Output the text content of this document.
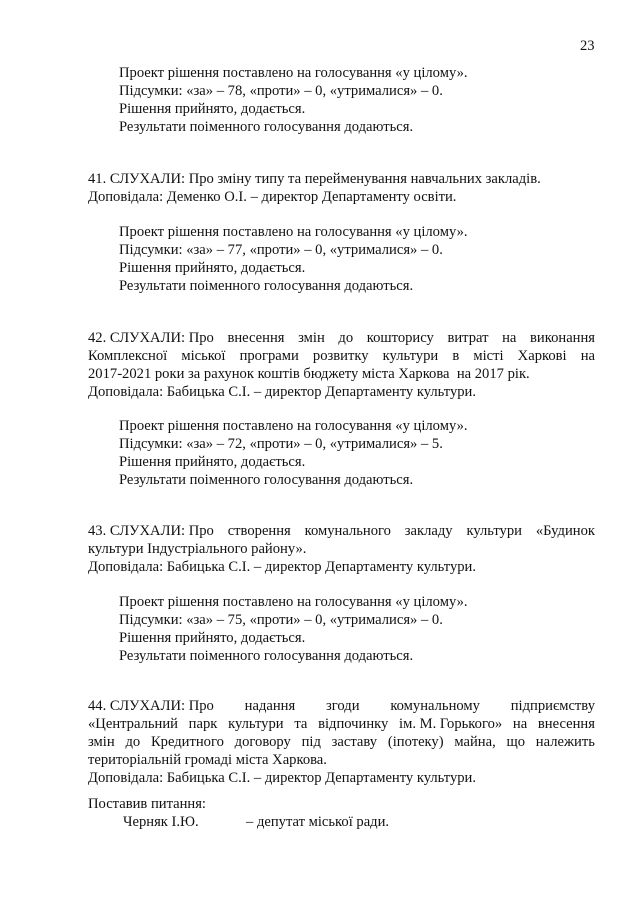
23
Проект рішення поставлено на голосування «у цілому».
Підсумки: «за» – 78, «проти» – 0, «утрималися» – 0.
Рішення прийнято, додається.
Результати поіменного голосування додаються.
41. СЛУХАЛИ: Про зміну типу та перейменування навчальних закладів.
Доповідала: Деменко О.І. – директор Департаменту освіти.
Проект рішення поставлено на голосування «у цілому».
Підсумки: «за» – 77, «проти» – 0, «утрималися» – 0.
Рішення прийнято, додається.
Результати поіменного голосування додаються.
42. СЛУХАЛИ: Про внесення змін до кошторису витрат на виконання
Комплексної міської програми розвитку культури в місті Харкові на
2017-2021 роки за рахунок коштів бюджету міста Харкова  на 2017 рік.
Доповідала: Бабицька С.І. – директор Департаменту культури.
Проект рішення поставлено на голосування «у цілому».
Підсумки: «за» – 72, «проти» – 0, «утрималися» – 5.
Рішення прийнято, додається.
Результати поіменного голосування додаються.
43. СЛУХАЛИ: Про створення комунального закладу культури «Будинок
культури Індустріального району».
Доповідала: Бабицька С.І. – директор Департаменту культури.
Проект рішення поставлено на голосування «у цілому».
Підсумки: «за» – 75, «проти» – 0, «утрималися» – 0.
Рішення прийнято, додається.
Результати поіменного голосування додаються.
44. СЛУХАЛИ: Про надання згоди комунальному підприємству
«Центральний парк культури та відпочинку ім. М. Горького» на внесення
змін до Кредитного договору під заставу (іпотеку) майна, що належить
територіальній громаді міста Харкова.
Доповідала: Бабицька С.І. – директор Департаменту культури.
Поставив питання:
Черняк І.Ю.	– депутат міської ради.
